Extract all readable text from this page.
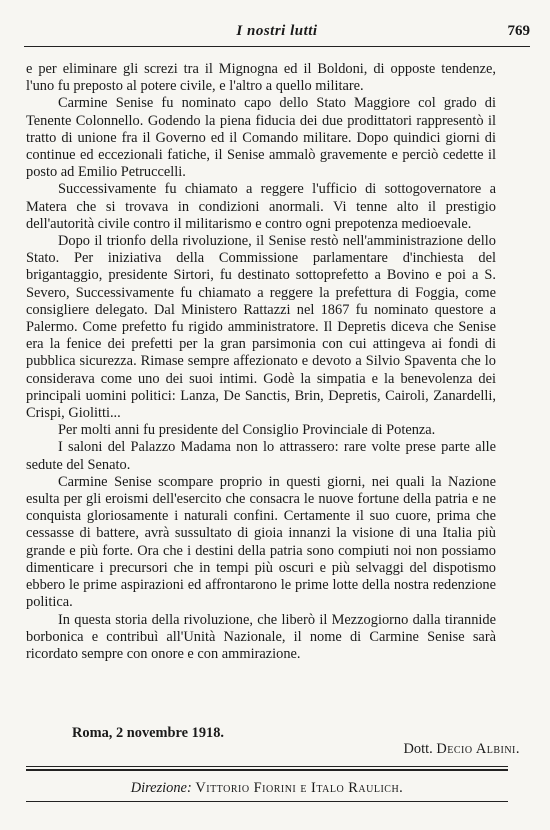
I nostri lutti	769

e per eliminare gli screzi tra il Mignogna ed il Boldoni, di opposte tendenze, l'uno fu preposto al potere civile, e l'altro a quello militare.

Carmine Senise fu nominato capo dello Stato Maggiore col grado di Tenente Colonnello. Godendo la piena fiducia dei due prodittatori rappresentò il tratto di unione fra il Governo ed il Comando militare. Dopo quindici giorni di continue ed eccezionali fatiche, il Senise ammalò gravemente e perciò cedette il posto ad Emilio Petruccelli.

Successivamente fu chiamato a reggere l'ufficio di sottogovernatore a Matera che si trovava in condizioni anormali. Vi tenne alto il prestigio dell'autorità civile contro il militarismo e contro ogni prepotenza medioevale.

Dopo il trionfo della rivoluzione, il Senise restò nell'amministrazione dello Stato. Per iniziativa della Commissione parlamentare d'inchiesta del brigantaggio, presidente Sirtori, fu destinato sottoprefetto a Bovino e poi a S. Severo, Successivamente fu chiamato a reggere la prefettura di Foggia, come consigliere delegato. Dal Ministero Rattazzi nel 1867 fu nominato questore a Palermo. Come prefetto fu rigido amministratore. Il Depretis diceva che Senise era la fenice dei prefetti per la gran parsimonia con cui attingeva ai fondi di pubblica sicurezza. Rimase sempre affezionato e devoto a Silvio Spaventa che lo considerava come uno dei suoi intimi. Godè la simpatia e la benevolenza dei principali uomini politici: Lanza, De Sanctis, Brin, Depretis, Cairoli, Zanardelli, Crispi, Giolitti...

Per molti anni fu presidente del Consiglio Provinciale di Potenza.

I saloni del Palazzo Madama non lo attrassero: rare volte prese parte alle sedute del Senato.

Carmine Senise scompare proprio in questi giorni, nei quali la Nazione esulta per gli eroismi dell'esercito che consacra le nuove fortune della patria e ne conquista gloriosamente i naturali confini. Certamente il suo cuore, prima che cessasse di battere, avrà sussultato di gioia innanzi la visione di una Italia più grande e più forte. Ora che i destini della patria sono compiuti noi non possiamo dimenticare i precursori che in tempi più oscuri e più selvaggi del dispotismo ebbero le prime aspirazioni ed affrontarono le prime lotte della nostra redenzione politica.

In questa storia della rivoluzione, che liberò il Mezzogiorno dalla tirannide borbonica e contribuì all'Unità Nazionale, il nome di Carmine Senise sarà ricordato sempre con onore e con ammirazione.

Roma, 2 novembre 1918.
Dott. Decio Albini.
Direzione: Vittorio Fiorini e Italo Raulich.
